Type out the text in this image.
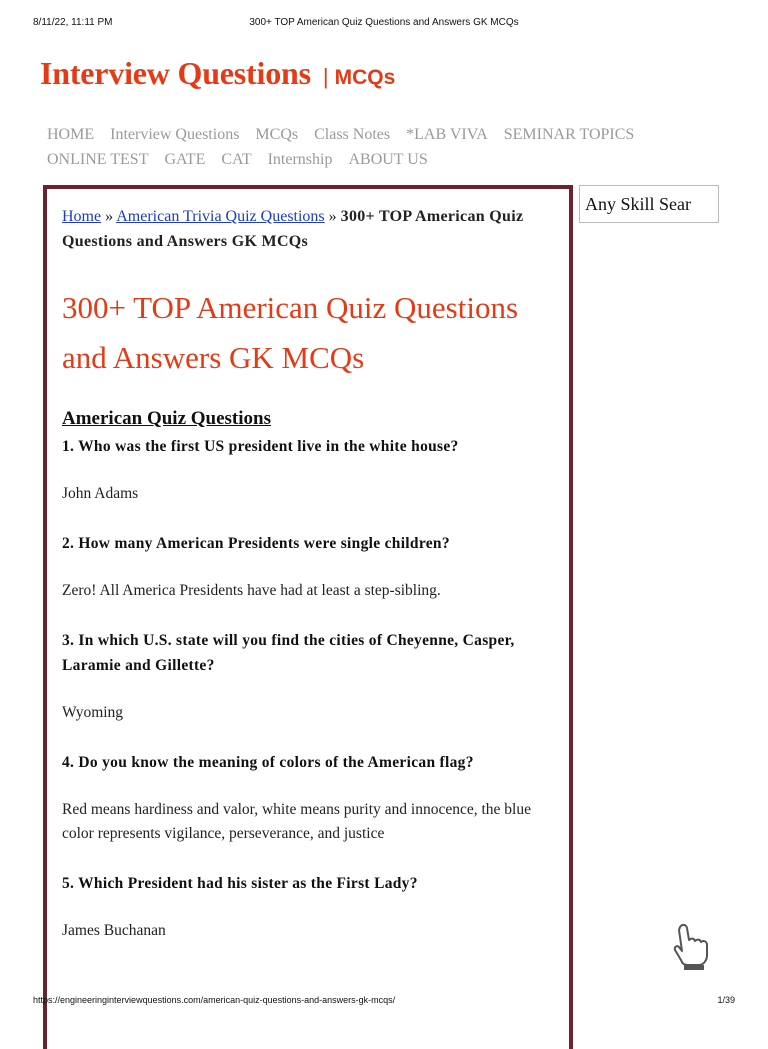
8/11/22, 11:11 PM	300+ TOP American Quiz Questions and Answers GK MCQs
Interview Questions | MCQs
HOME Interview Questions MCQs Class Notes *LAB VIVA SEMINAR TOPICS
ONLINE TEST GATE CAT Internship ABOUT US
Home » American Trivia Quiz Questions » 300+ TOP American Quiz Questions and Answers GK MCQs
300+ TOP American Quiz Questions and Answers GK MCQs
American Quiz Questions

1. Who was the first US president live in the white house?

John Adams

2. How many American Presidents were single children?

Zero! All America Presidents have had at least a step-sibling.

3. In which U.S. state will you find the cities of Cheyenne, Casper, Laramie and Gillette?

Wyoming

4. Do you know the meaning of colors of the American flag?

Red means hardiness and valor, white means purity and innocence, the blue color represents vigilance, perseverance, and justice

5. Which President had his sister as the First Lady?

James Buchanan

Any Skill Sear
https://engineeringinterviewquestions.com/american-quiz-questions-and-answers-gk-mcqs/	1/39
